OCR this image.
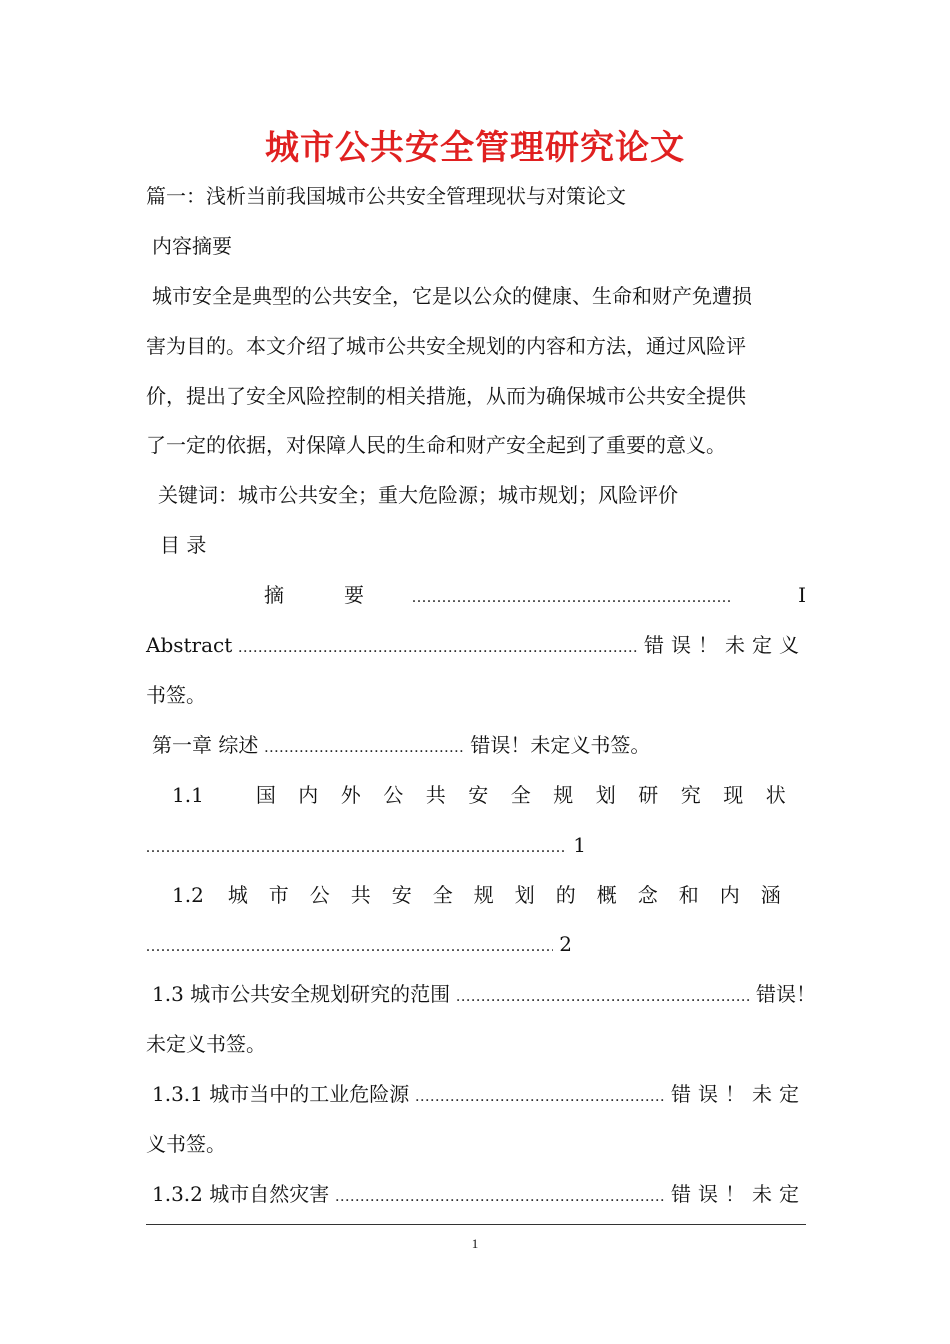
城市公共安全管理研究论文
篇一：浅析当前我国城市公共安全管理现状与对策论文
内容摘要
城市安全是典型的公共安全，它是以公众的健康、生命和财产免遭损
害为目的。本文介绍了城市公共安全规划的内容和方法，通过风险评
价，提出了安全风险控制的相关措施，从而为确保城市公共安全提供
了一定的依据，对保障人民的生命和财产安全起到了重要的意义。
关键词：城市公共安全；重大危险源；城市规划；风险评价
目 录
摘	要 .....	I
Abstract .....	错误！未定义
书签。
第一章 综述 .....	错误！未定义书签。
1.1	国内外公共安全规划研究现状
.....
1
1.2 城市公共安全规划的概念和内涵
.....
2
1.3 城市公共安全规划研究的范围 .....	错误！
未定义书签。
1.3.1 城市当中的工业危险源 .....	错误！未定
义书签。
1.3.2 城市自然灾害 .....	错误！未定
1
